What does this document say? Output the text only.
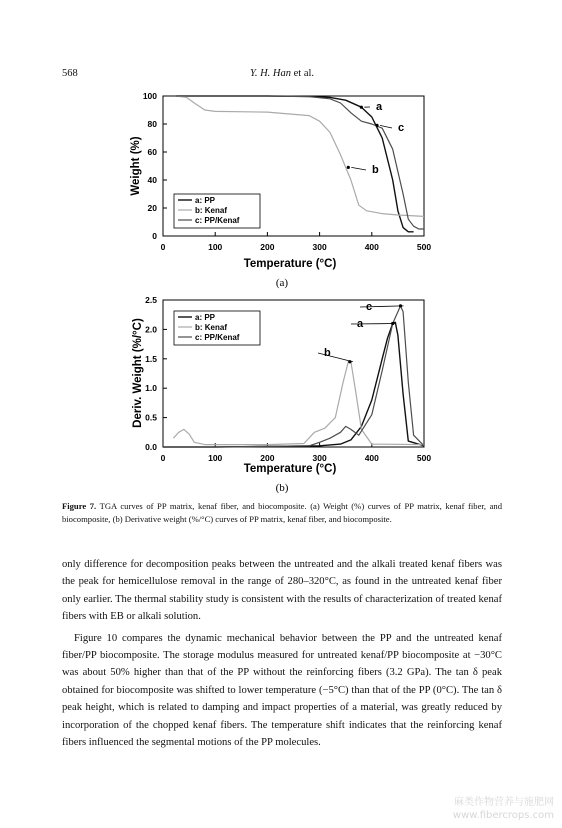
568	Y. H. Han et al.
0	100	200	300	400	500
0
20
40
60
80
100
Temperature (°C)
Weight (%)
a
c
b
a: PP
b: Kenaf
c: PP/Kenaf
(a)
0	100	200	300	400	500
0.0
0.5
1.0
1.5
2.0
2.5
Temperature (°C)
Deriv. Weight (%/°C)
c
a
b
a: PP
b: Kenaf
c: PP/Kenaf
(b)
Figure 7. TGA curves of PP matrix, kenaf fiber, and biocomposite. (a) Weight (%) curves of PP matrix, kenaf fiber, and biocomposite, (b) Derivative weight (%/°C) curves of PP matrix, kenaf fiber, and biocomposite.

only difference for decomposition peaks between the untreated and the alkali treated kenaf fibers was the peak for hemicellulose removal in the range of 280–320°C, as found in the untreated kenaf fiber only earlier. The thermal stability study is consistent with the results of characterization of treated kenaf fibers with EB or alkali solution.

Figure 10 compares the dynamic mechanical behavior between the PP and the untreated kenaf fiber/PP biocomposite. The storage modulus measured for untreated kenaf/PP biocomposite at −30°C was about 50% higher than that of the PP without the reinforcing fibers (3.2 GPa). The tan δ peak obtained for biocomposite was shifted to lower temperature (−5°C) than that of the PP (0°C). The tan δ peak height, which is related to damping and impact properties of a material, was greatly reduced by incorporation of the chopped kenaf fibers. The temperature shift indicates that the reinforcing kenaf fibers influenced the segmental motions of the PP molecules.

麻类作物营养与施肥网
www.fibercrops.com
